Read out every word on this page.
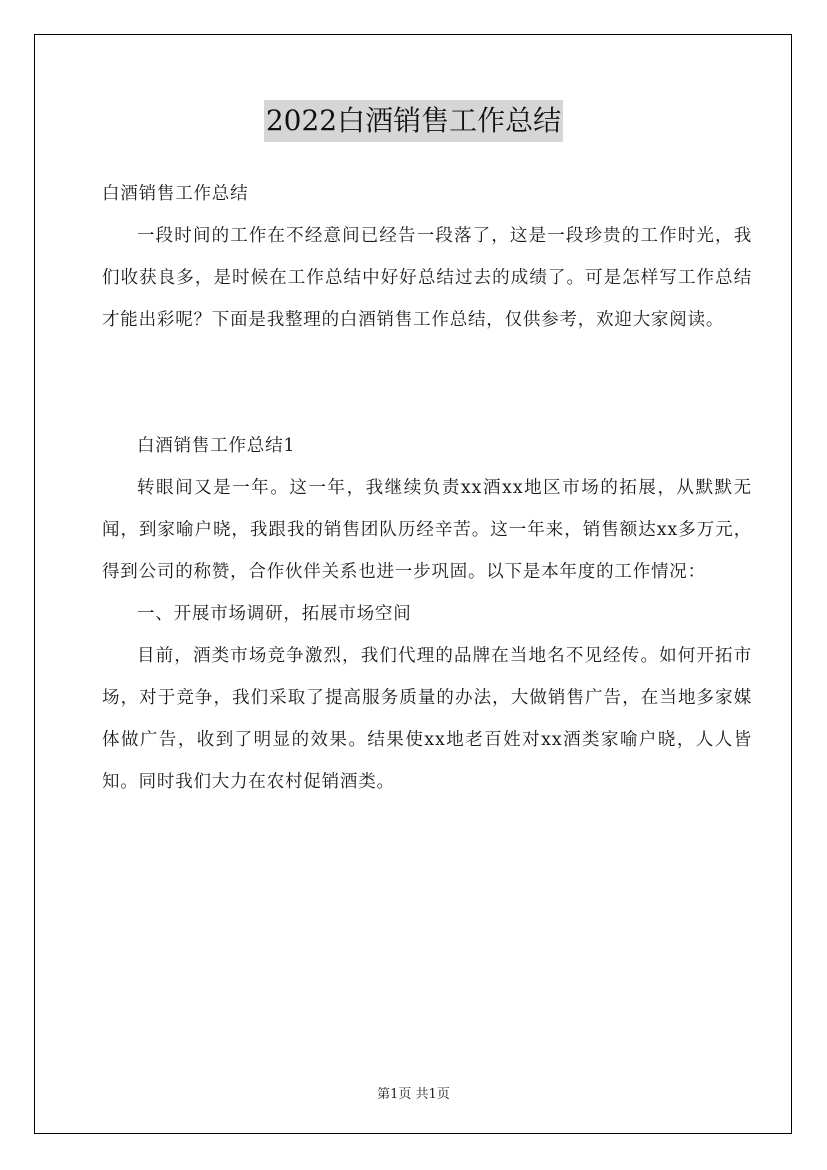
2022白酒销售工作总结

白酒销售工作总结

一段时间的工作在不经意间已经告一段落了，这是一段珍贵的工作时光，我们收获良多，是时候在工作总结中好好总结过去的成绩了。可是怎样写工作总结才能出彩呢？下面是我整理的白酒销售工作总结，仅供参考，欢迎大家阅读。

白酒销售工作总结1

转眼间又是一年。这一年，我继续负责xx酒xx地区市场的拓展，从默默无闻，到家喻户晓，我跟我的销售团队历经辛苦。这一年来，销售额达xx多万元，得到公司的称赞，合作伙伴关系也进一步巩固。以下是本年度的工作情况：

一、开展市场调研，拓展市场空间

目前，酒类市场竞争激烈，我们代理的品牌在当地名不见经传。如何开拓市场，对于竞争，我们采取了提高服务质量的办法，大做销售广告，在当地多家媒体做广告，收到了明显的效果。结果使xx地老百姓对xx酒类家喻户晓，人人皆知。同时我们大力在农村促销酒类。

第1页 共1页
